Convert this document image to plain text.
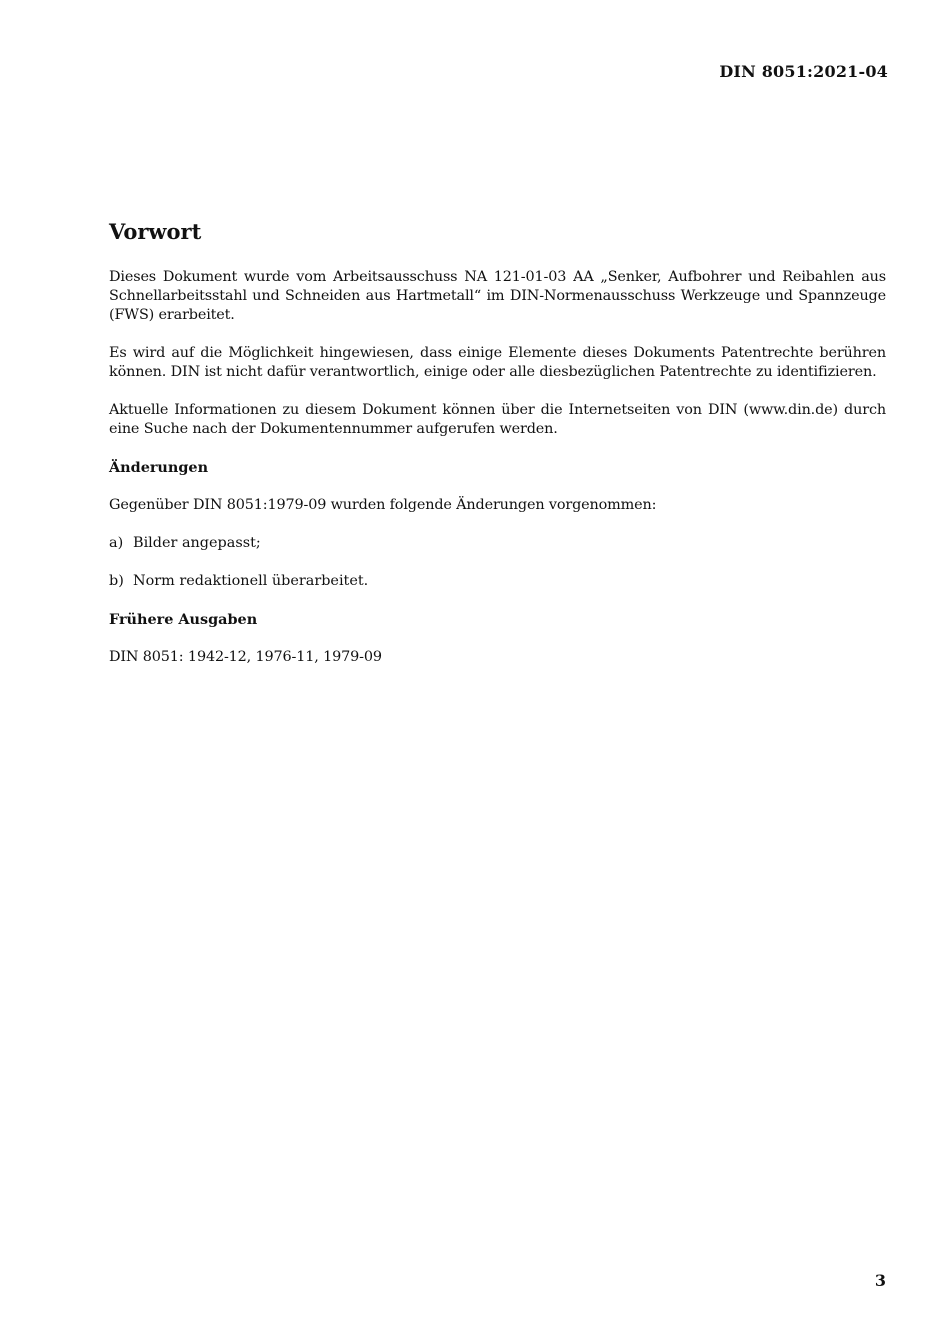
DIN 8051:2021-04
Vorwort

Dieses Dokument wurde vom Arbeitsausschuss NA 121-01-03 AA „Senker, Aufbohrer und Reibahlen aus Schnellarbeitsstahl und Schneiden aus Hartmetall“ im DIN-Normenausschuss Werkzeuge und Spannzeuge (FWS) erarbeitet.

Es wird auf die Möglichkeit hingewiesen, dass einige Elemente dieses Dokuments Patentrechte berühren können. DIN ist nicht dafür verantwortlich, einige oder alle diesbezüglichen Patentrechte zu identifizieren.

Aktuelle Informationen zu diesem Dokument können über die Internetseiten von DIN (www.din.de) durch eine Suche nach der Dokumentennummer aufgerufen werden.

Änderungen

Gegenüber DIN 8051:1979-09 wurden folgende Änderungen vorgenommen:

a) Bilder angepasst;
b) Norm redaktionell überarbeitet.
Frühere Ausgaben

DIN 8051: 1942-12, 1976-11, 1979-09

3
